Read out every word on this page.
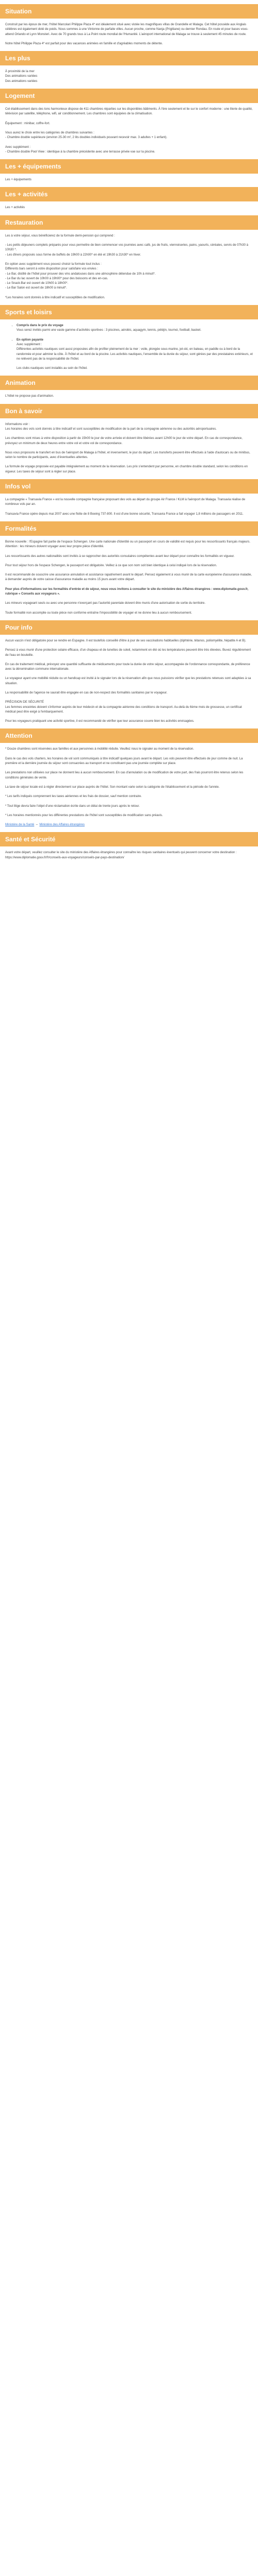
Situation

Construit par les époux de mer, l'hôtel Marcolari Philippe Plaza 4* est idéalement situé avec vistée les magnifiques villas de Grandelle et Malaga. Cet hôtel possède aux Anglais célèbres est également doté de poids. Nous sommes à une Vintonne de parfaite villes. Aucun proche, comme Nanja (Prigitiane) ou dernier Rondau. En route et pour bases vous-attend Orlando et Lynn Monsteri. Avec de 70 grands tous à La Point route mondial de l'Humanité. L'aéroport international de Malaga se trouve à seulement 45 minutes de route.

Notre hôtel Philippe Plaza 4* est parfait pour des vacances animées en famille et d'agréables moments de détente.

Les plus

À proximité de la mer

Des animations variées

Des animations variées

Logement

Cet établissement dans des tons harmonieux dispose de 411 chambres réparties sur les disponibles bâtiments. À l'ère seulement et lie sur le confort moderne : une literie de qualité, télévision par satellite, téléphone, wifi, air conditionnement. Les chambres sont équipées de la climatisation.

Équipement : minibar, coffre-fort.

Vous aurez le choix entre les catégories de chambres suivantes :

- Chambre double supérieure (environ 25-30 m², 2 lits doubles individuels pouvant recevoir max. 3 adultes + 1 enfant).

Avec supplément :

- Chambre double Pool View : identique à la chambre précédente avec une terrasse privée vue sur la piscine.

Les + équipements

Les + équipements

Les + activités

Les + activités

Restauration

Les à votre séjour, vous bénéficierez de la formule demi-pension qui comprend :

- Les petits déjeuners complets préparés pour vous permettre de bien commencer vos journées avec café, jus de fruits, viennoiseries, pains, yaourts, céréales, servis de 07h30 à 10h30 *.

- Les dîners proposés sous forme de buffets de 19h00 à 22h00* en été et 19h30 à 21h30* en hiver.

En option avec supplément vous pouvez choisir la formule tout inclus :

Différents bars seront à votre disposition pour satisfaire vos envies :

- Le Bar, distillé de l'hôtel pour prouver des vins andalouses dans une atmosphère détendue de 10h à minuit*.

- Le Bar du lac ouvert de 10h00 à 19h00* pour des boissons et des en-cas.

- Le Snack-Bar est ouvert de 10h00 à 18h00*.

- Le Bar Salon est ouvert de 18h00 à minuit*.

*Les horaires sont donnés à titre indicatif et susceptibles de modification.

Sports et loisirs
• Compris dans le prix du voyage

Vous serez invités parmi une vaste gamme d'activités sportives : 3 piscines, aérobic, aquagym, tennis, pétéjin, tournoi, football, basket.

• En option payante

Avec supplément :

Différentes activités nautiques sont aussi proposées afin de profiter pleinement de la mer : voile, plongée sous-marine, jet-ski, en bateau, en paddle ou à bord de la randonnée et pour admirer la côte. À l'hôtel et au bord de la piscine. Les activités nautiques, l'ensemble de la durée du séjour, sont gérées par des prestataires extérieurs, et ne relèvent pas de la responsabilité de l'hôtel.

Les clubs nautiques sont installés au sein de l'hôtel.

Animation

L'hôtel ne propose pas d'animation.

Bon à savoir

Informations voir :

Les horaires des vols sont donnés à titre indicatif et sont susceptibles de modification de la part de la compagnie aérienne ou des autorités aéroportuaires.

Les chambres sont mises à votre disposition à partir de 15h00 le jour de votre arrivée et doivent être libérées avant 12h00 le jour de votre départ. En cas de correspondance, prévoyez un minimum de deux heures entre votre vol et votre vol de correspondance.

Nous vous proposons le transfert en bus de l'aéroport de Malaga à l'hôtel, et inversement, le jour du départ. Les transferts peuvent être effectués à l'aide d'autocars ou de minibus, selon le nombre de participants, avec d'éventuelles attentes.

La formule de voyage proposée est payable intégralement au moment de la réservation. Les prix s'entendent par personne, en chambre double standard, selon les conditions en vigueur. Les taxes de séjour sont à régler sur place.

Infos vol

La compagnie « Transavia France » est la nouvelle compagnie française proposant des vols au départ du groupe Air France / KLM à l'aéroport de Malaga. Transavia réalise de nombreux vols par an.

Transavia France opère depuis mai 2007 avec une flotte de 8 Boeing 737-800. Il est d'une bonne sécurité, Transavia France a fait voyager 1,8 millions de passagers en 2011.

Formalités

Bonne nouvelle : l'Espagne fait partie de l'espace Schengen. Une carte nationale d'identité ou un passeport en cours de validité est requis pour les ressortissants français majeurs. Attention : les mineurs doivent voyager avec leur propre pièce d'identité.

Les ressortissants des autres nationalités sont invités à se rapprocher des autorités consulaires compétentes avant leur départ pour connaître les formalités en vigueur.

Pour tout séjour hors de l'espace Schengen, le passeport est obligatoire. Veillez à ce que son nom soit bien identique à celui indiqué lors de la réservation.

Il est recommandé de souscrire une assurance annulation et assistance rapatriement avant le départ. Pensez également à vous munir de la carte européenne d'assurance maladie, à demander auprès de votre caisse d'assurance maladie au moins 15 jours avant votre départ.

Pour plus d'informations sur les formalités d'entrée et de séjour, nous vous invitons à consulter le site du ministère des Affaires étrangères : www.diplomatie.gouv.fr, rubrique « Conseils aux voyageurs ».

Les mineurs voyageant seuls ou avec une personne n'exerçant pas l'autorité parentale doivent être munis d'une autorisation de sortie du territoire.

Toute formalité non accomplie ou toute pièce non conforme entraîne l'impossibilité de voyager et ne donne lieu à aucun remboursement.

Pour info

Aucun vaccin n'est obligatoire pour se rendre en Espagne. Il est toutefois conseillé d'être à jour de ses vaccinations habituelles (diphtérie, tétanos, poliomyélite, hépatite A et B).

Pensez à vous munir d'une protection solaire efficace, d'un chapeau et de lunettes de soleil, notamment en été où les températures peuvent être très élevées. Buvez régulièrement de l'eau en bouteille.

En cas de traitement médical, prévoyez une quantité suffisante de médicaments pour toute la durée de votre séjour, accompagnée de l'ordonnance correspondante, de préférence avec la dénomination commune internationale.

Le voyageur ayant une mobilité réduite ou un handicap est invité à le signaler lors de la réservation afin que nous puissions vérifier que les prestations retenues sont adaptées à sa situation.

La responsabilité de l'agence ne saurait être engagée en cas de non-respect des formalités sanitaires par le voyageur.

PRÉCISION DE SÉCURITÉ

Les femmes enceintes doivent s'informer auprès de leur médecin et de la compagnie aérienne des conditions de transport. Au-delà du 6ème mois de grossesse, un certificat médical peut être exigé à l'embarquement.

Pour les voyageurs pratiquant une activité sportive, il est recommandé de vérifier que leur assurance couvre bien les activités envisagées.

Attention

* Douze chambres sont réservées aux familles et aux personnes à mobilité réduite. Veuillez nous le signaler au moment de la réservation.

Dans le cas des vols charters, les horaires de vol sont communiqués à titre indicatif quelques jours avant le départ. Les vols peuvent être effectués de jour comme de nuit. La première et la dernière journée du séjour sont consacrées au transport et ne constituent pas une journée complète sur place.

Les prestations non utilisées sur place ne donnent lieu à aucun remboursement. En cas d'annulation ou de modification de votre part, des frais pourront être retenus selon les conditions générales de vente.

La taxe de séjour locale est à régler directement sur place auprès de l'hôtel. Son montant varie selon la catégorie de l'établissement et la période de l'année.

* Les tarifs indiqués comprennent les taxes aériennes et les frais de dossier, sauf mention contraire.

* Tout litige devra faire l'objet d'une réclamation écrite dans un délai de trente jours après le retour.

* Les horaires mentionnés pour les différentes prestations de l'hôtel sont susceptibles de modification sans préavis.

Ministère de la Santé  –  Ministère des Affaires étrangères

Santé et Sécurité

Avant votre départ, veuillez consulter le site du ministère des Affaires étrangères pour connaître les risques sanitaires éventuels qui peuvent concerner votre destination : https://www.diplomatie.gouv.fr/fr/conseils-aux-voyageurs/conseils-par-pays-destination/
